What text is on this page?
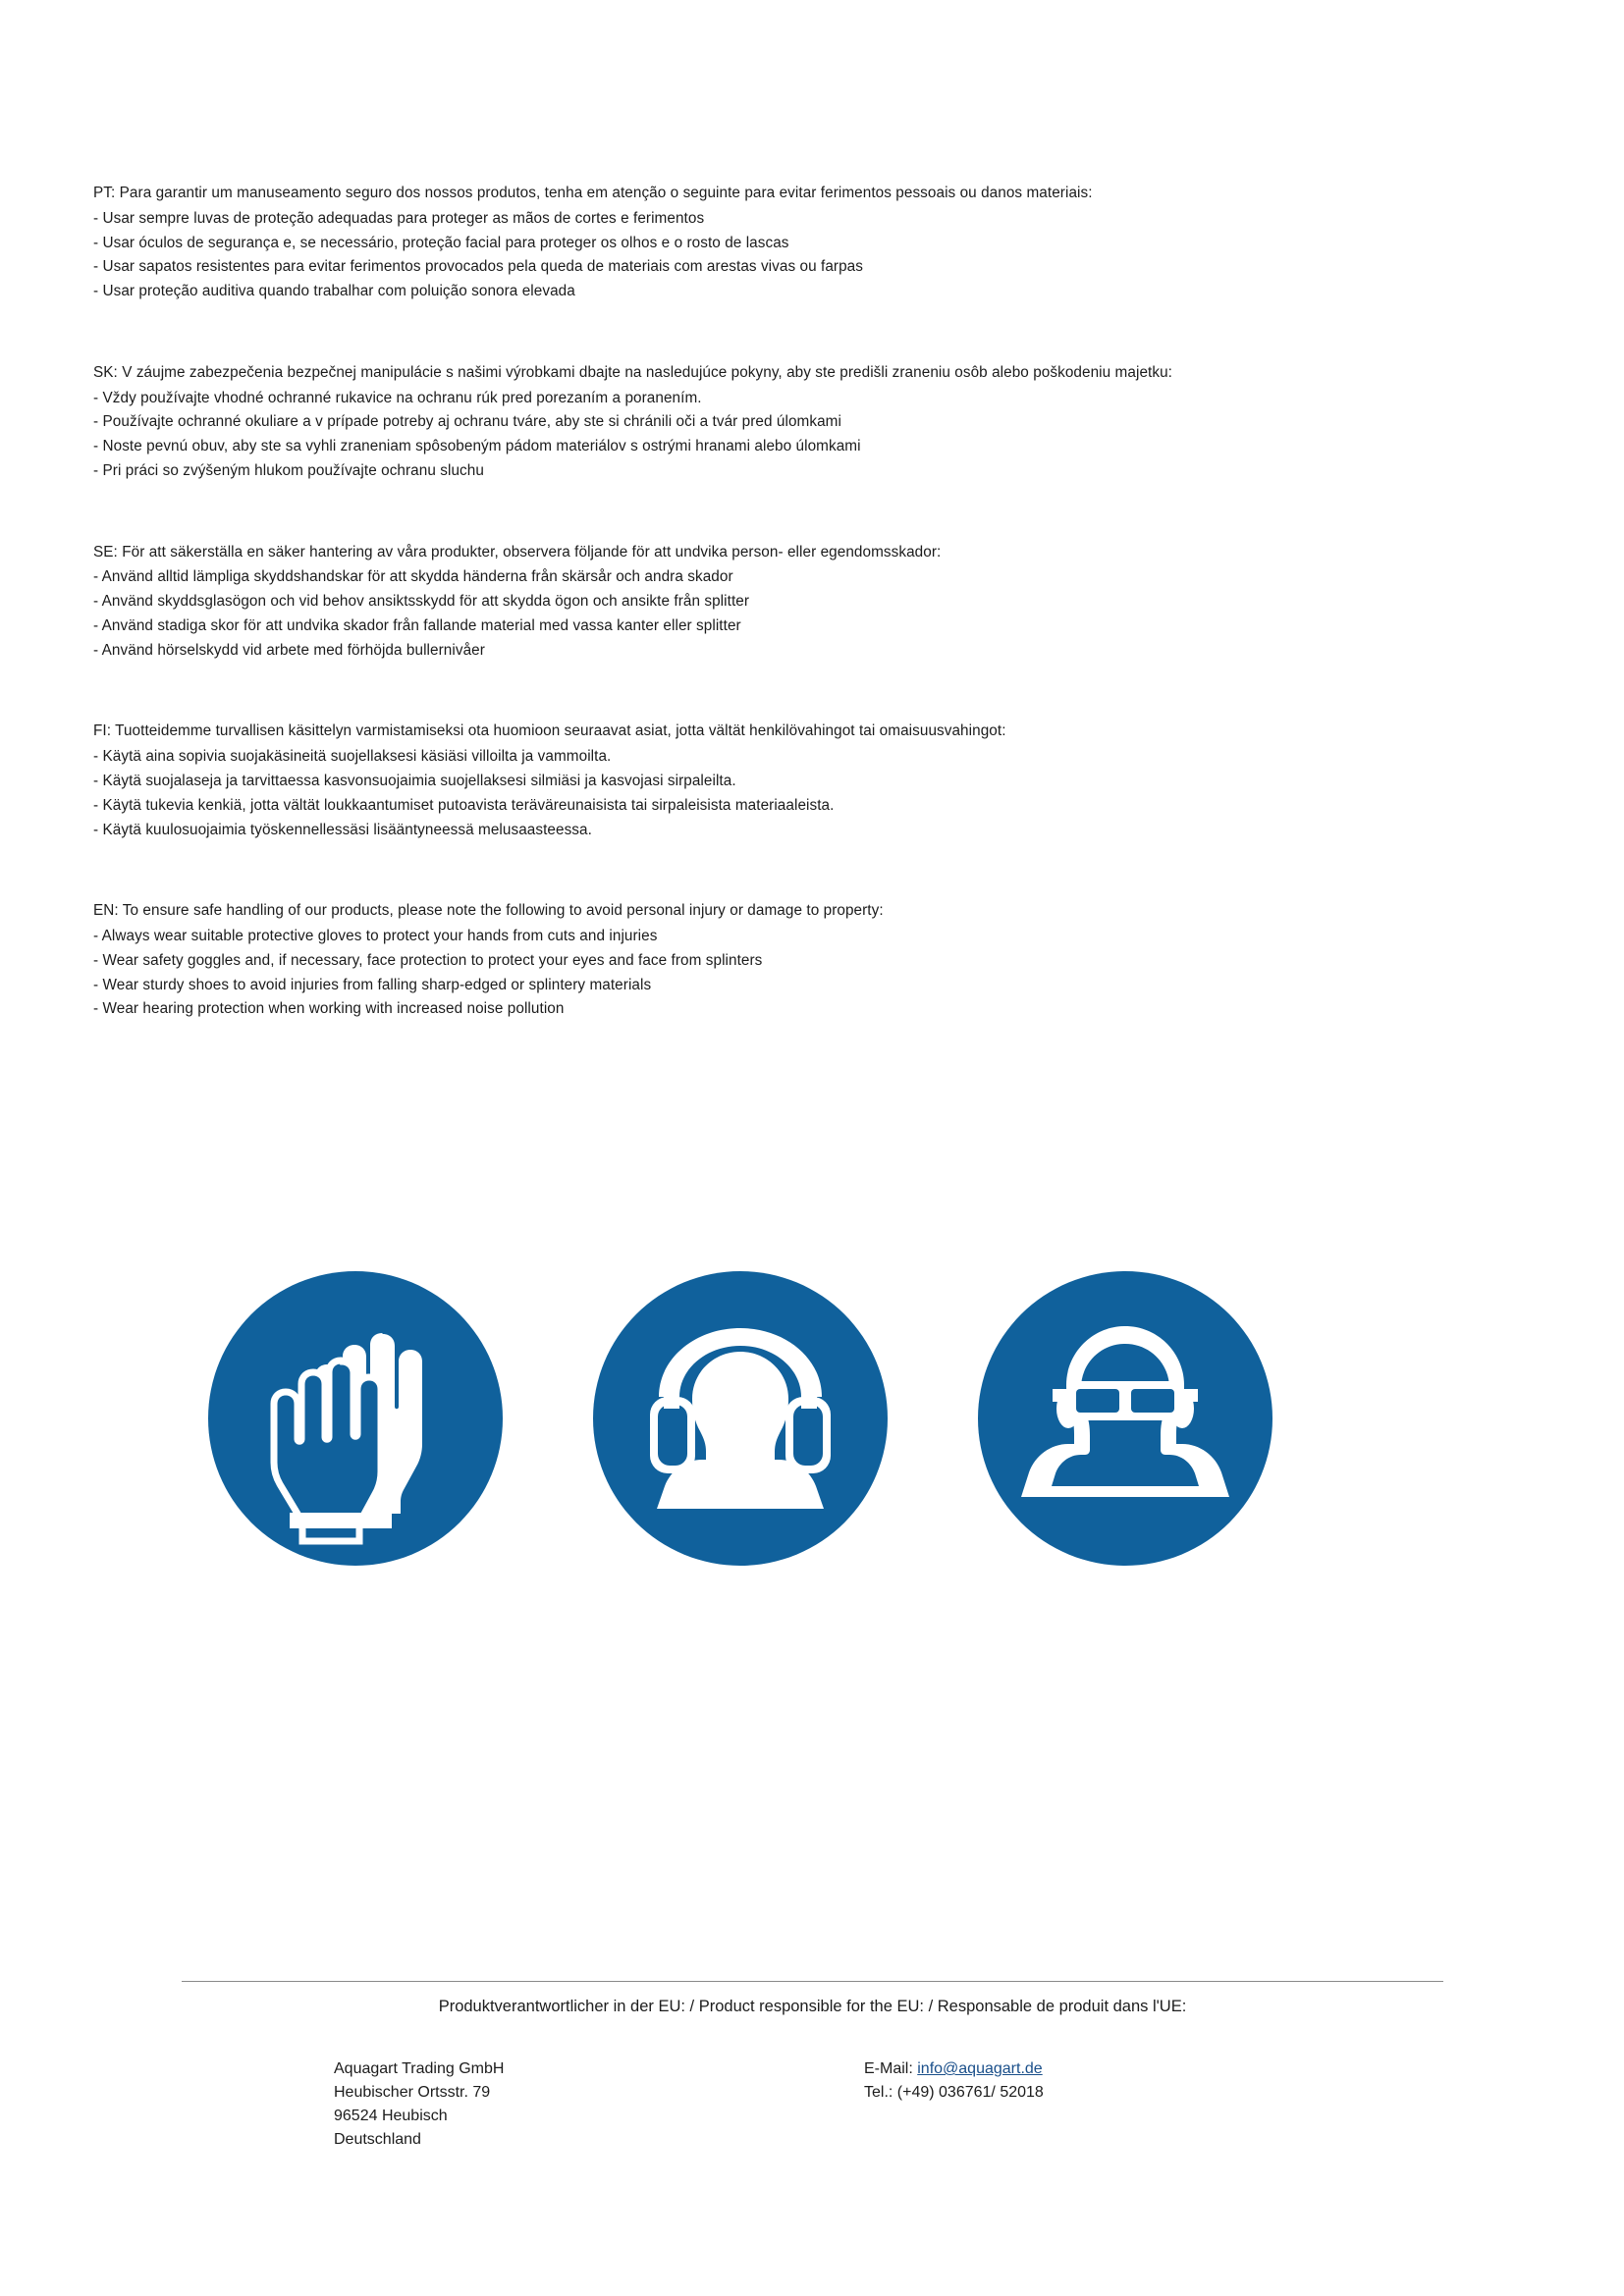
PT: Para garantir um manuseamento seguro dos nossos produtos, tenha em atenção o seguinte para evitar ferimentos pessoais ou danos materiais:

- Usar sempre luvas de proteção adequadas para proteger as mãos de cortes e ferimentos

- Usar óculos de segurança e, se necessário, proteção facial para proteger os olhos e o rosto de lascas

- Usar sapatos resistentes para evitar ferimentos provocados pela queda de materiais com arestas vivas ou farpas

- Usar proteção auditiva quando trabalhar com poluição sonora elevada

SK: V záujme zabezpečenia bezpečnej manipulácie s našimi výrobkami dbajte na nasledujúce pokyny, aby ste predišli zraneniu osôb alebo poškodeniu majetku:

- Vždy používajte vhodné ochranné rukavice na ochranu rúk pred porezaním a poranením.

- Používajte ochranné okuliare a v prípade potreby aj ochranu tváre, aby ste si chránili oči a tvár pred úlomkami

- Noste pevnú obuv, aby ste sa vyhli zraneniam spôsobeným pádom materiálov s ostrými hranami alebo úlomkami

- Pri práci so zvýšeným hlukom používajte ochranu sluchu

SE: För att säkerställa en säker hantering av våra produkter, observera följande för att undvika person- eller egendomsskador:

- Använd alltid lämpliga skyddshandskar för att skydda händerna från skärsår och andra skador

- Använd skyddsglasögon och vid behov ansiktsskydd för att skydda ögon och ansikte från splitter

- Använd stadiga skor för att undvika skador från fallande material med vassa kanter eller splitter

- Använd hörselskydd vid arbete med förhöjda bullernivåer

FI: Tuotteidemme turvallisen käsittelyn varmistamiseksi ota huomioon seuraavat asiat, jotta vältät henkilövahingot tai omaisuusvahingot:

- Käytä aina sopivia suojakäsineitä suojellaksesi käsiäsi villoilta ja vammoilta.

- Käytä suojalaseja ja tarvittaessa kasvonsuojaimia suojellaksesi silmiäsi ja kasvojasi sirpaleilta.

- Käytä tukevia kenkiä, jotta vältät loukkaantumiset putoavista teräväreunaisista tai sirpaleisista materiaaleista.

- Käytä kuulosuojaimia työskennellessäsi lisääntyneessä melusaasteessa.

EN: To ensure safe handling of our products, please note the following to avoid personal injury or damage to property:

- Always wear suitable protective gloves to protect your hands from cuts and injuries

- Wear safety goggles and, if necessary, face protection to protect your eyes and face from splinters

- Wear sturdy shoes to avoid injuries from falling sharp-edged or splintery materials

- Wear hearing protection when working with increased noise pollution

Produktverantwortlicher in der EU: / Product responsible for the EU: / Responsable de produit dans l'UE:

Aquagart Trading GmbH

Heubischer Ortsstr. 79

96524 Heubisch

Deutschland

E-Mail: info@aquagart.de

Tel.: (+49) 036761/ 52018
